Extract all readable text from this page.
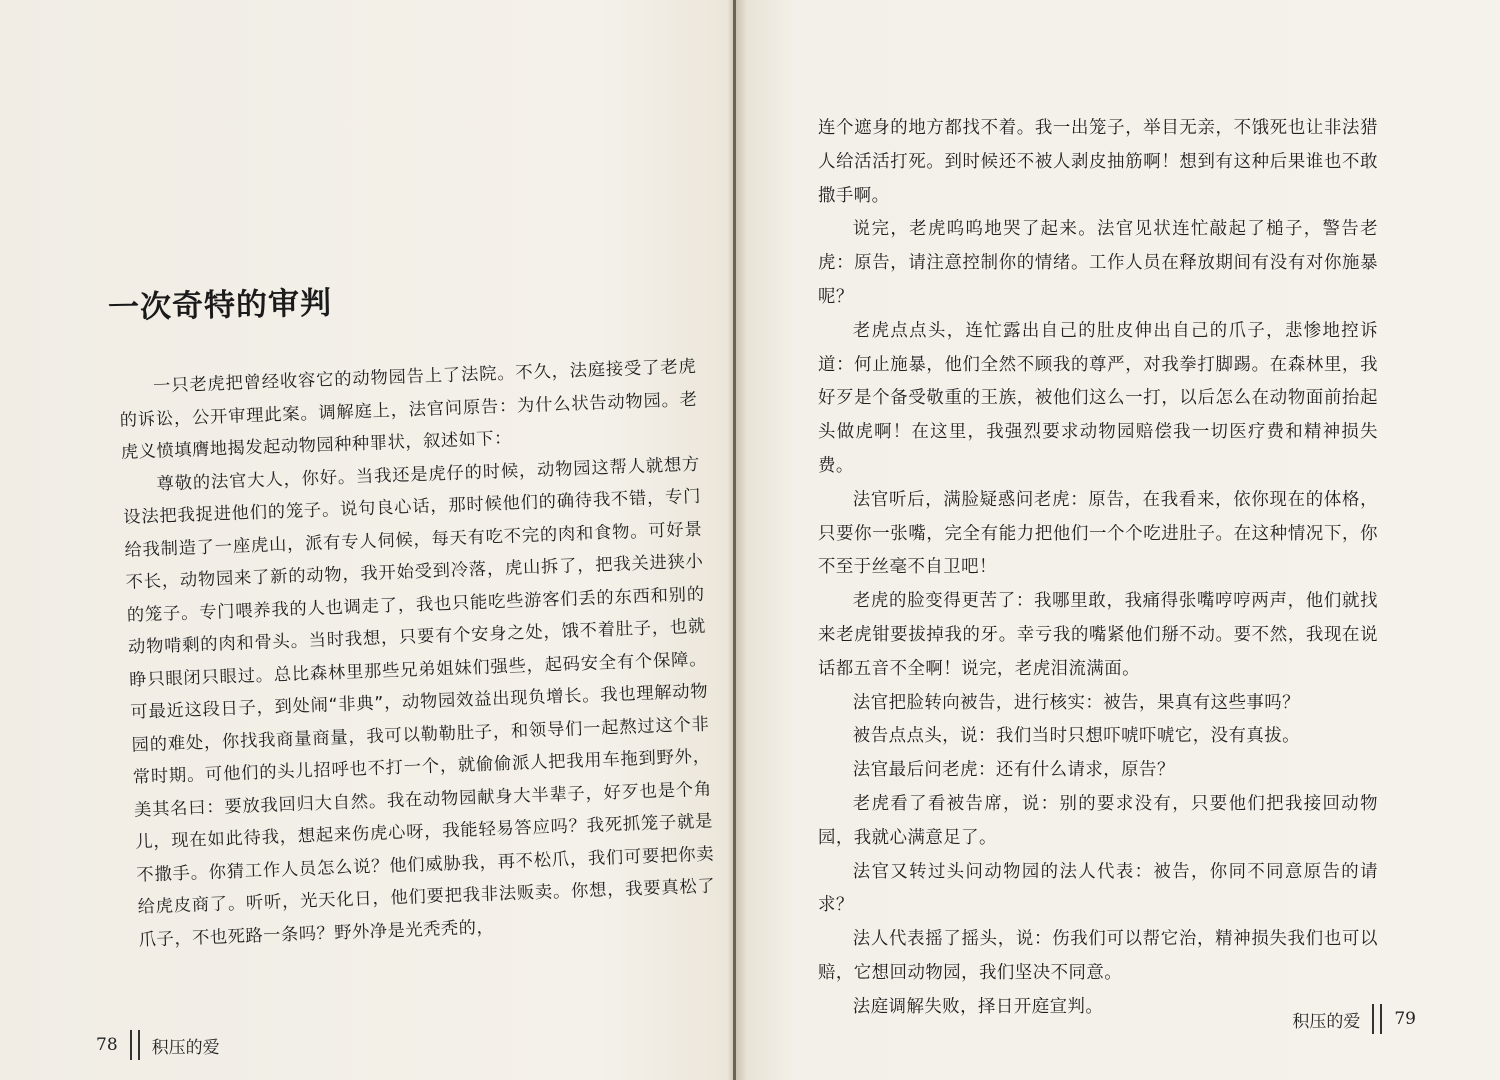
一次奇特的审判

一只老虎把曾经收容它的动物园告上了法院。不久，法庭接受了老虎的诉讼，公开审理此案。调解庭上，法官问原告：为什么状告动物园。老虎义愤填膺地揭发起动物园种种罪状，叙述如下：

尊敬的法官大人，你好。当我还是虎仔的时候，动物园这帮人就想方设法把我捉进他们的笼子。说句良心话，那时候他们的确待我不错，专门给我制造了一座虎山，派有专人伺候，每天有吃不完的肉和食物。可好景不长，动物园来了新的动物，我开始受到冷落，虎山拆了，把我关进狭小的笼子。专门喂养我的人也调走了，我也只能吃些游客们丢的东西和别的动物啃剩的肉和骨头。当时我想，只要有个安身之处，饿不着肚子，也就睁只眼闭只眼过。总比森林里那些兄弟姐妹们强些，起码安全有个保障。可最近这段日子，到处闹“非典”，动物园效益出现负增长。我也理解动物园的难处，你找我商量商量，我可以勒勒肚子，和领导们一起熬过这个非常时期。可他们的头儿招呼也不打一个，就偷偷派人把我用车拖到野外，美其名曰：要放我回归大自然。我在动物园献身大半辈子，好歹也是个角儿，现在如此待我，想起来伤虎心呀，我能轻易答应吗？我死抓笼子就是不撒手。你猜工作人员怎么说？他们威胁我，再不松爪，我们可要把你卖给虎皮商了。听听，光天化日，他们要把我非法贩卖。你想，我要真松了爪子，不也死路一条吗？野外净是光秃秃的，

78 积压的爱

连个遮身的地方都找不着。我一出笼子，举目无亲，不饿死也让非法猎人给活活打死。到时候还不被人剥皮抽筋啊！想到有这种后果谁也不敢撒手啊。

说完，老虎呜呜地哭了起来。法官见状连忙敲起了槌子，警告老虎：原告，请注意控制你的情绪。工作人员在释放期间有没有对你施暴呢？

老虎点点头，连忙露出自己的肚皮伸出自己的爪子，悲惨地控诉道：何止施暴，他们全然不顾我的尊严，对我拳打脚踢。在森林里，我好歹是个备受敬重的王族，被他们这么一打，以后怎么在动物面前抬起头做虎啊！在这里，我强烈要求动物园赔偿我一切医疗费和精神损失费。

法官听后，满脸疑惑问老虎：原告，在我看来，依你现在的体格，只要你一张嘴，完全有能力把他们一个个吃进肚子。在这种情况下，你不至于丝毫不自卫吧！

老虎的脸变得更苦了：我哪里敢，我痛得张嘴哼哼两声，他们就找来老虎钳要拔掉我的牙。幸亏我的嘴紧他们掰不动。要不然，我现在说话都五音不全啊！说完，老虎泪流满面。

法官把脸转向被告，进行核实：被告，果真有这些事吗？

被告点点头，说：我们当时只想吓唬吓唬它，没有真拔。

法官最后问老虎：还有什么请求，原告？

老虎看了看被告席，说：别的要求没有，只要他们把我接回动物园，我就心满意足了。

法官又转过头问动物园的法人代表：被告，你同不同意原告的请求？

法人代表摇了摇头，说：伤我们可以帮它治，精神损失我们也可以赔，它想回动物园，我们坚决不同意。

法庭调解失败，择日开庭宣判。

积压的爱 79
